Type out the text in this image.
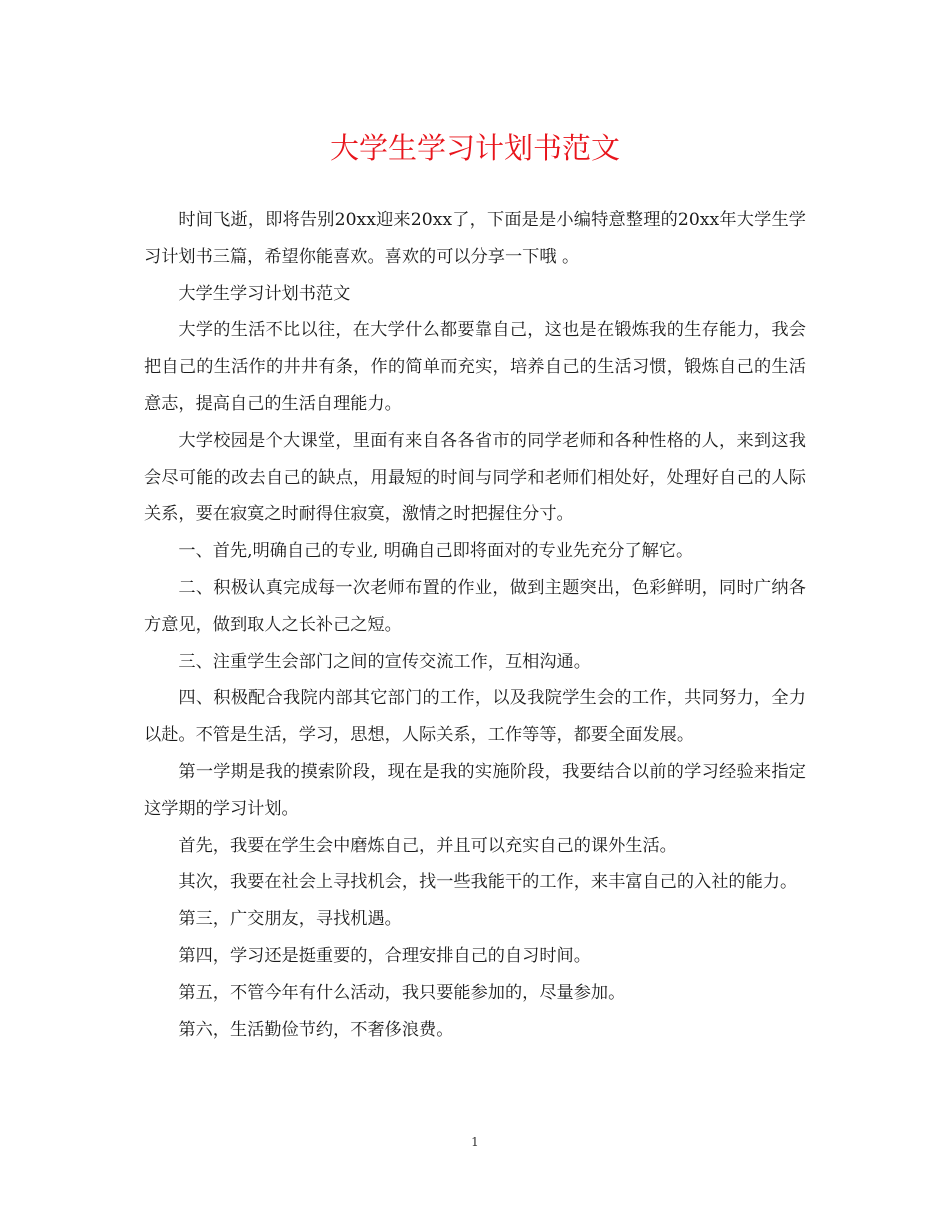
大学生学习计划书范文

时间飞逝，即将告别20xx迎来20xx了，下面是是小编特意整理的20xx年大学生学习计划书三篇，希望你能喜欢。喜欢的可以分享一下哦 。

大学生学习计划书范文

大学的生活不比以往，在大学什么都要靠自己，这也是在锻炼我的生存能力，我会把自己的生活作的井井有条，作的简单而充实，培养自己的生活习惯，锻炼自己的生活意志，提高自己的生活自理能力。

大学校园是个大课堂，里面有来自各各省市的同学老师和各种性格的人，来到这我会尽可能的改去自己的缺点，用最短的时间与同学和老师们相处好，处理好自己的人际关系，要在寂寞之时耐得住寂寞，激情之时把握住分寸。

一、首先,明确自己的专业, 明确自己即将面对的专业先充分了解它。

二、积极认真完成每一次老师布置的作业，做到主题突出，色彩鲜明，同时广纳各方意见，做到取人之长补己之短。

三、注重学生会部门之间的宣传交流工作，互相沟通。

四、积极配合我院内部其它部门的工作，以及我院学生会的工作，共同努力，全力以赴。不管是生活，学习，思想，人际关系，工作等等，都要全面发展。

第一学期是我的摸索阶段，现在是我的实施阶段，我要结合以前的学习经验来指定这学期的学习计划。

首先，我要在学生会中磨炼自己，并且可以充实自己的课外生活。

其次，我要在社会上寻找机会，找一些我能干的工作，来丰富自己的入社的能力。

第三，广交朋友，寻找机遇。

第四，学习还是挺重要的，合理安排自己的自习时间。

第五，不管今年有什么活动，我只要能参加的，尽量参加。

第六，生活勤俭节约，不奢侈浪费。

1
